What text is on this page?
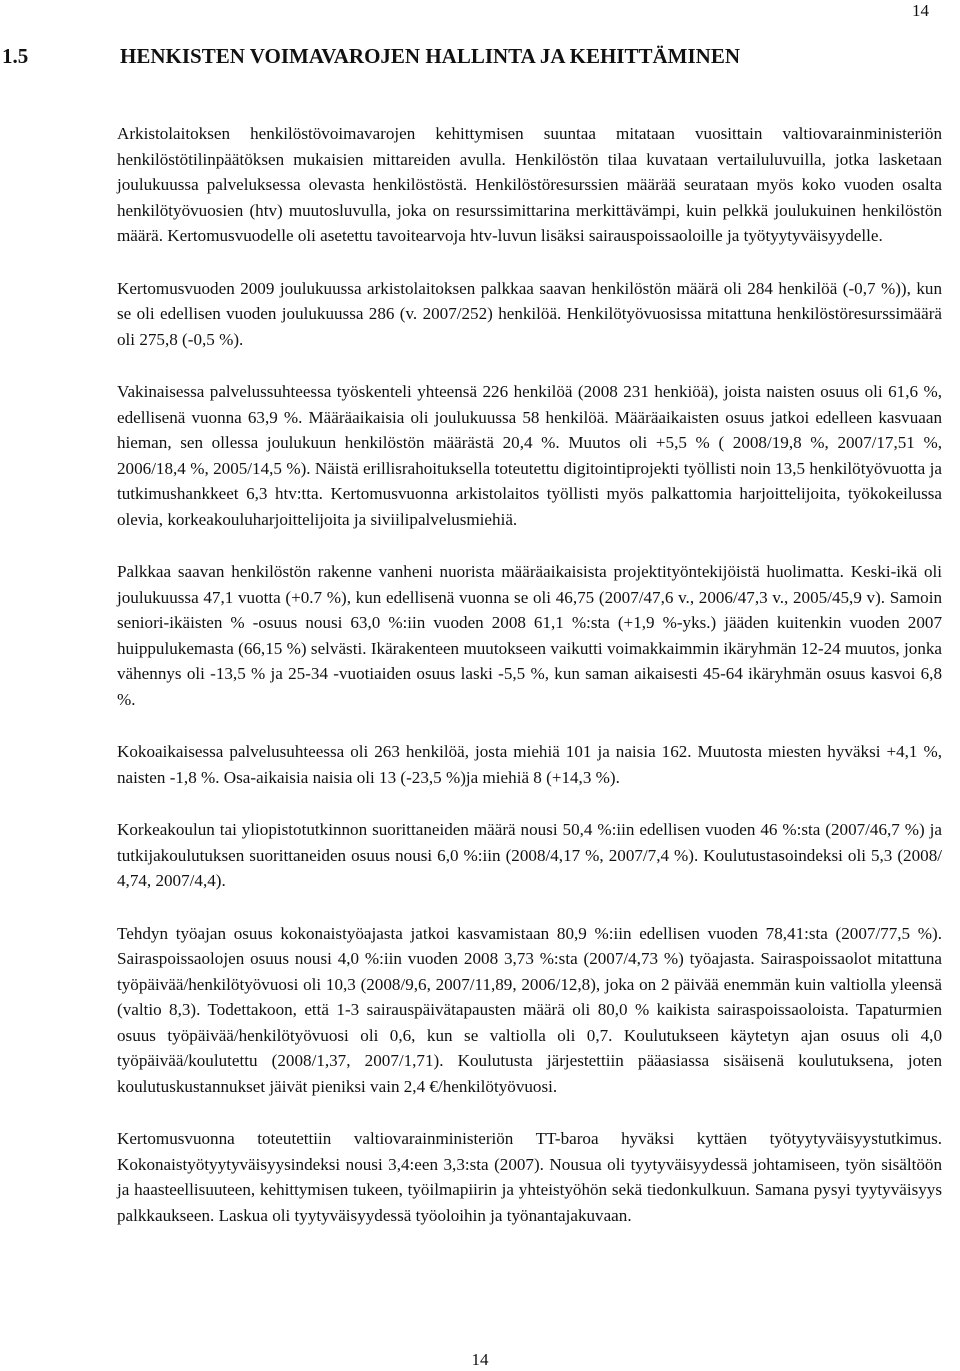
14
1.5	HENKISTEN VOIMAVAROJEN HALLINTA JA KEHITTÄMINEN

Arkistolaitoksen henkilöstövoimavarojen kehittymisen suuntaa mitataan vuosittain valtiovarainministeriön henkilöstötilinpäätöksen mukaisien mittareiden avulla. Henkilöstön tilaa kuvataan vertailuluvuilla, jotka lasketaan joulukuussa palveluksessa olevasta henkilöstöstä. Henkilöstöresurssien määrää seurataan myös koko vuoden osalta henkilötyövuosien (htv) muutosluvulla, joka on resurssimittarina merkittävämpi, kuin pelkkä joulukuinen henkilöstön määrä. Kertomusvuodelle oli asetettu tavoitearvoja htv-luvun lisäksi sairauspoissaoloille ja työtyytyväisyydelle.

Kertomusvuoden 2009 joulukuussa arkistolaitoksen palkkaa saavan henkilöstön määrä oli 284 henkilöä (-0,7 %)), kun se oli edellisen vuoden joulukuussa 286 (v. 2007/252) henkilöä. Henkilötyövuosissa mitattuna henkilöstöresurssimäärä oli 275,8 (-0,5 %).

Vakinaisessa palvelussuhteessa työskenteli yhteensä 226 henkilöä (2008 231 henkiöä), joista naisten osuus oli 61,6 %, edellisenä vuonna 63,9 %. Määräaikaisia oli joulukuussa 58 henkilöä. Määräaikaisten osuus jatkoi edelleen kasvuaan hieman, sen ollessa joulukuun henkilöstön määrästä 20,4 %. Muutos oli +5,5 % ( 2008/19,8 %, 2007/17,51 %, 2006/18,4 %, 2005/14,5 %). Näistä erillisrahoituksella toteutettu digitointiprojekti työllisti noin 13,5 henkilötyövuotta ja tutkimushankkeet 6,3 htv:tta. Kertomusvuonna arkistolaitos työllisti myös palkattomia harjoittelijoita, työkokeilussa olevia, korkeakouluharjoittelijoita ja siviilipalvelusmiehiä.

Palkkaa saavan henkilöstön rakenne vanheni nuorista määräaikaisista projektityöntekijöistä huolimatta. Keski-ikä oli joulukuussa 47,1 vuotta (+0.7 %), kun edellisenä vuonna se oli 46,75 (2007/47,6 v., 2006/47,3 v., 2005/45,9 v). Samoin seniori-ikäisten % -osuus nousi 63,0 %:iin vuoden 2008 61,1 %:sta (+1,9 %-yks.) jääden kuitenkin vuoden 2007 huippulukemasta (66,15 %) selvästi. Ikärakenteen muutokseen vaikutti voimakkaimmin ikäryhmän 12-24 muutos, jonka vähennys oli -13,5 % ja 25-34 -vuotiaiden osuus laski -5,5 %, kun saman aikaisesti 45-64 ikäryhmän osuus kasvoi 6,8 %.

Kokoaikaisessa palvelusuhteessa oli 263 henkilöä, josta miehiä 101 ja naisia 162. Muutosta miesten hyväksi +4,1 %, naisten -1,8 %. Osa-aikaisia naisia oli 13 (-23,5 %)ja miehiä 8 (+14,3 %).

Korkeakoulun tai yliopistotutkinnon suorittaneiden määrä nousi 50,4 %:iin edellisen vuoden 46 %:sta (2007/46,7 %) ja tutkijakoulutuksen suorittaneiden osuus nousi 6,0 %:iin (2008/4,17 %, 2007/7,4 %). Koulutustasoindeksi oli 5,3 (2008/ 4,74, 2007/4,4).

Tehdyn työajan osuus kokonaistyöajasta jatkoi kasvamistaan 80,9 %:iin edellisen vuoden 78,41:sta (2007/77,5 %). Sairaspoissaolojen osuus nousi 4,0 %:iin vuoden 2008 3,73 %:sta (2007/4,73 %) työajasta. Sairaspoissaolot mitattuna työpäivää/henkilötyövuosi oli 10,3 (2008/9,6, 2007/11,89, 2006/12,8), joka on 2 päivää enemmän kuin valtiolla yleensä (valtio 8,3). Todettakoon, että 1-3 sairauspäivätapausten määrä oli 80,0 % kaikista sairaspoissaoloista. Tapaturmien osuus työpäivää/henkilötyövuosi oli 0,6, kun se valtiolla oli 0,7. Koulutukseen käytetyn ajan osuus oli 4,0 työpäivää/koulutettu (2008/1,37, 2007/1,71). Koulutusta järjestettiin pääasiassa sisäisenä koulutuksena, joten koulutuskustannukset jäivät pieniksi vain 2,4 €/henkilötyövuosi.

Kertomusvuonna toteutettiin valtiovarainministeriön TT-baroa hyväksi kyttäen työtyytyväisyystutkimus. Kokonaistyötyytyväisyysindeksi nousi 3,4:een 3,3:sta (2007). Nousua oli tyytyväisyydessä johtamiseen, työn sisältöön ja haasteellisuuteen, kehittymisen tukeen, työilmapiirin ja yhteistyöhön sekä tiedonkulkuun. Samana pysyi tyytyväisyys palkkaukseen. Laskua oli tyytyväisyydessä työoloihin ja työnantajakuvaan.

14
